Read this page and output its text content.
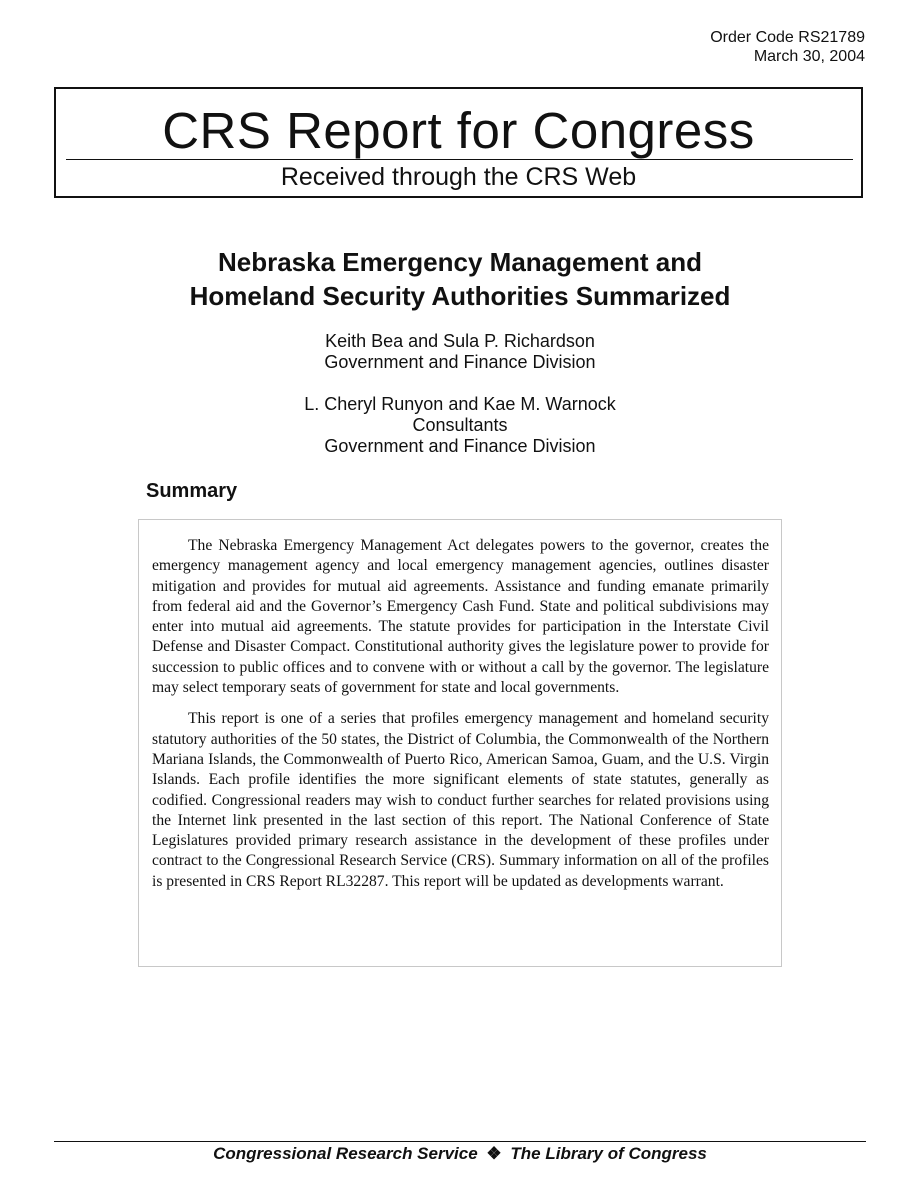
Order Code RS21789
March 30, 2004
CRS Report for Congress
Received through the CRS Web
Nebraska Emergency Management and
Homeland Security Authorities Summarized
Keith Bea and Sula P. Richardson
Government and Finance Division
L. Cheryl Runyon and Kae M. Warnock
Consultants
Government and Finance Division
Summary

The Nebraska Emergency Management Act delegates powers to the governor, creates the emergency management agency and local emergency management agencies, outlines disaster mitigation and provides for mutual aid agreements. Assistance and funding emanate primarily from federal aid and the Governor’s Emergency Cash Fund. State and political subdivisions may enter into mutual aid agreements. The statute provides for participation in the Interstate Civil Defense and Disaster Compact. Constitutional authority gives the legislature power to provide for succession to public offices and to convene with or without a call by the governor. The legislature may select temporary seats of government for state and local governments.

This report is one of a series that profiles emergency management and homeland security statutory authorities of the 50 states, the District of Columbia, the Commonwealth of the Northern Mariana Islands, the Commonwealth of Puerto Rico, American Samoa, Guam, and the U.S. Virgin Islands. Each profile identifies the more significant elements of state statutes, generally as codified. Congressional readers may wish to conduct further searches for related provisions using the Internet link presented in the last section of this report. The National Conference of State Legislatures provided primary research assistance in the development of these profiles under contract to the Congressional Research Service (CRS). Summary information on all of the profiles is presented in CRS Report RL32287. This report will be updated as developments warrant.

Congressional Research Service ❖ The Library of Congress
